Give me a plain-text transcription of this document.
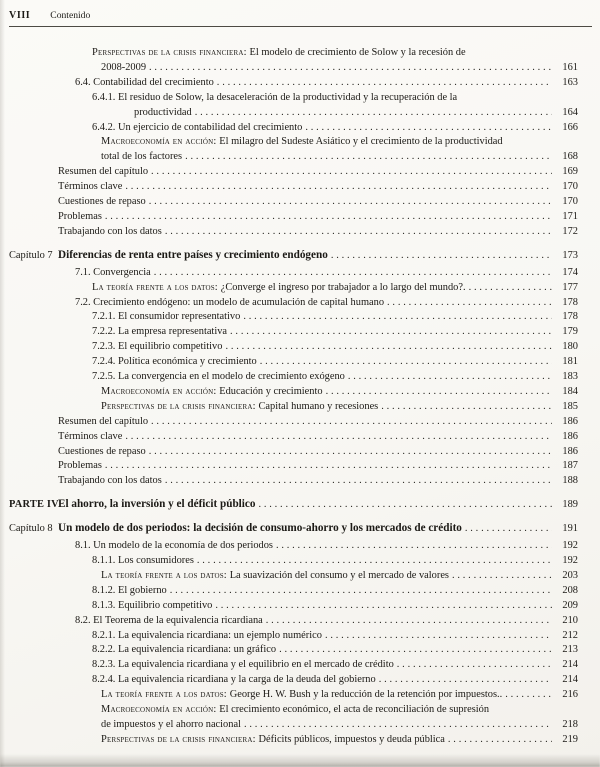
VIII Contenido
Perspectivas de la crisis financiera: El modelo de crecimiento de Solow y la recesión de
2008-2009 .....	161
6.4. Contabilidad del crecimiento .....	163
6.4.1. El residuo de Solow, la desaceleración de la productividad y la recuperación de la
productividad .....	164
6.4.2. Un ejercicio de contabilidad del crecimiento .....	166
Macroeconomía en acción: El milagro del Sudeste Asiático y el crecimiento de la productividad
total de los factores .....	168
Resumen del capítulo .....	169
Términos clave .....	170
Cuestiones de repaso .....	170
Problemas .....	171
Trabajando con los datos .....	172
Capítulo 7 Diferencias de renta entre países y crecimiento endógeno .....	173
7.1. Convergencia .....	174
La teoría frente a los datos: ¿Converge el ingreso por trabajador a lo largo del mundo?. .....	177
7.2. Crecimiento endógeno: un modelo de acumulación de capital humano .....	178
7.2.1. El consumidor representativo .....	178
7.2.2. La empresa representativa .....	179
7.2.3. El equilibrio competitivo .....	180
7.2.4. Política económica y crecimiento .....	181
7.2.5. La convergencia en el modelo de crecimiento exógeno .....	183
Macroeconomía en acción: Educación y crecimiento .....	184
Perspectivas de la crisis financiera: Capital humano y recesiones .....	185
Resumen del capítulo .....	186
Términos clave .....	186
Cuestiones de repaso .....	186
Problemas .....	187
Trabajando con los datos .....	188
PARTE IV El ahorro, la inversión y el déficit público .....	189
Capítulo 8 Un modelo de dos periodos: la decisión de consumo-ahorro y los mercados de crédito .....	191
8.1. Un modelo de la economía de dos periodos .....	192
8.1.1. Los consumidores .....	192
La teoría frente a los datos: La suavización del consumo y el mercado de valores .....	203
8.1.2. El gobierno .....	208
8.1.3. Equilibrio competitivo .....	209
8.2. El Teorema de la equivalencia ricardiana .....	210
8.2.1. La equivalencia ricardiana: un ejemplo numérico .....	212
8.2.2. La equivalencia ricardiana: un gráfico .....	213
8.2.3. La equivalencia ricardiana y el equilibrio en el mercado de crédito .....	214
8.2.4. La equivalencia ricardiana y la carga de la deuda del gobierno .....	214
La teoría frente a los datos: George H. W. Bush y la reducción de la retención por impuestos.. .....	216
Macroeconomía en acción: El crecimiento económico, el acta de reconciliación de supresión
de impuestos y el ahorro nacional .....	218
Perspectivas de la crisis financiera: Déficits públicos, impuestos y deuda pública .....	219
